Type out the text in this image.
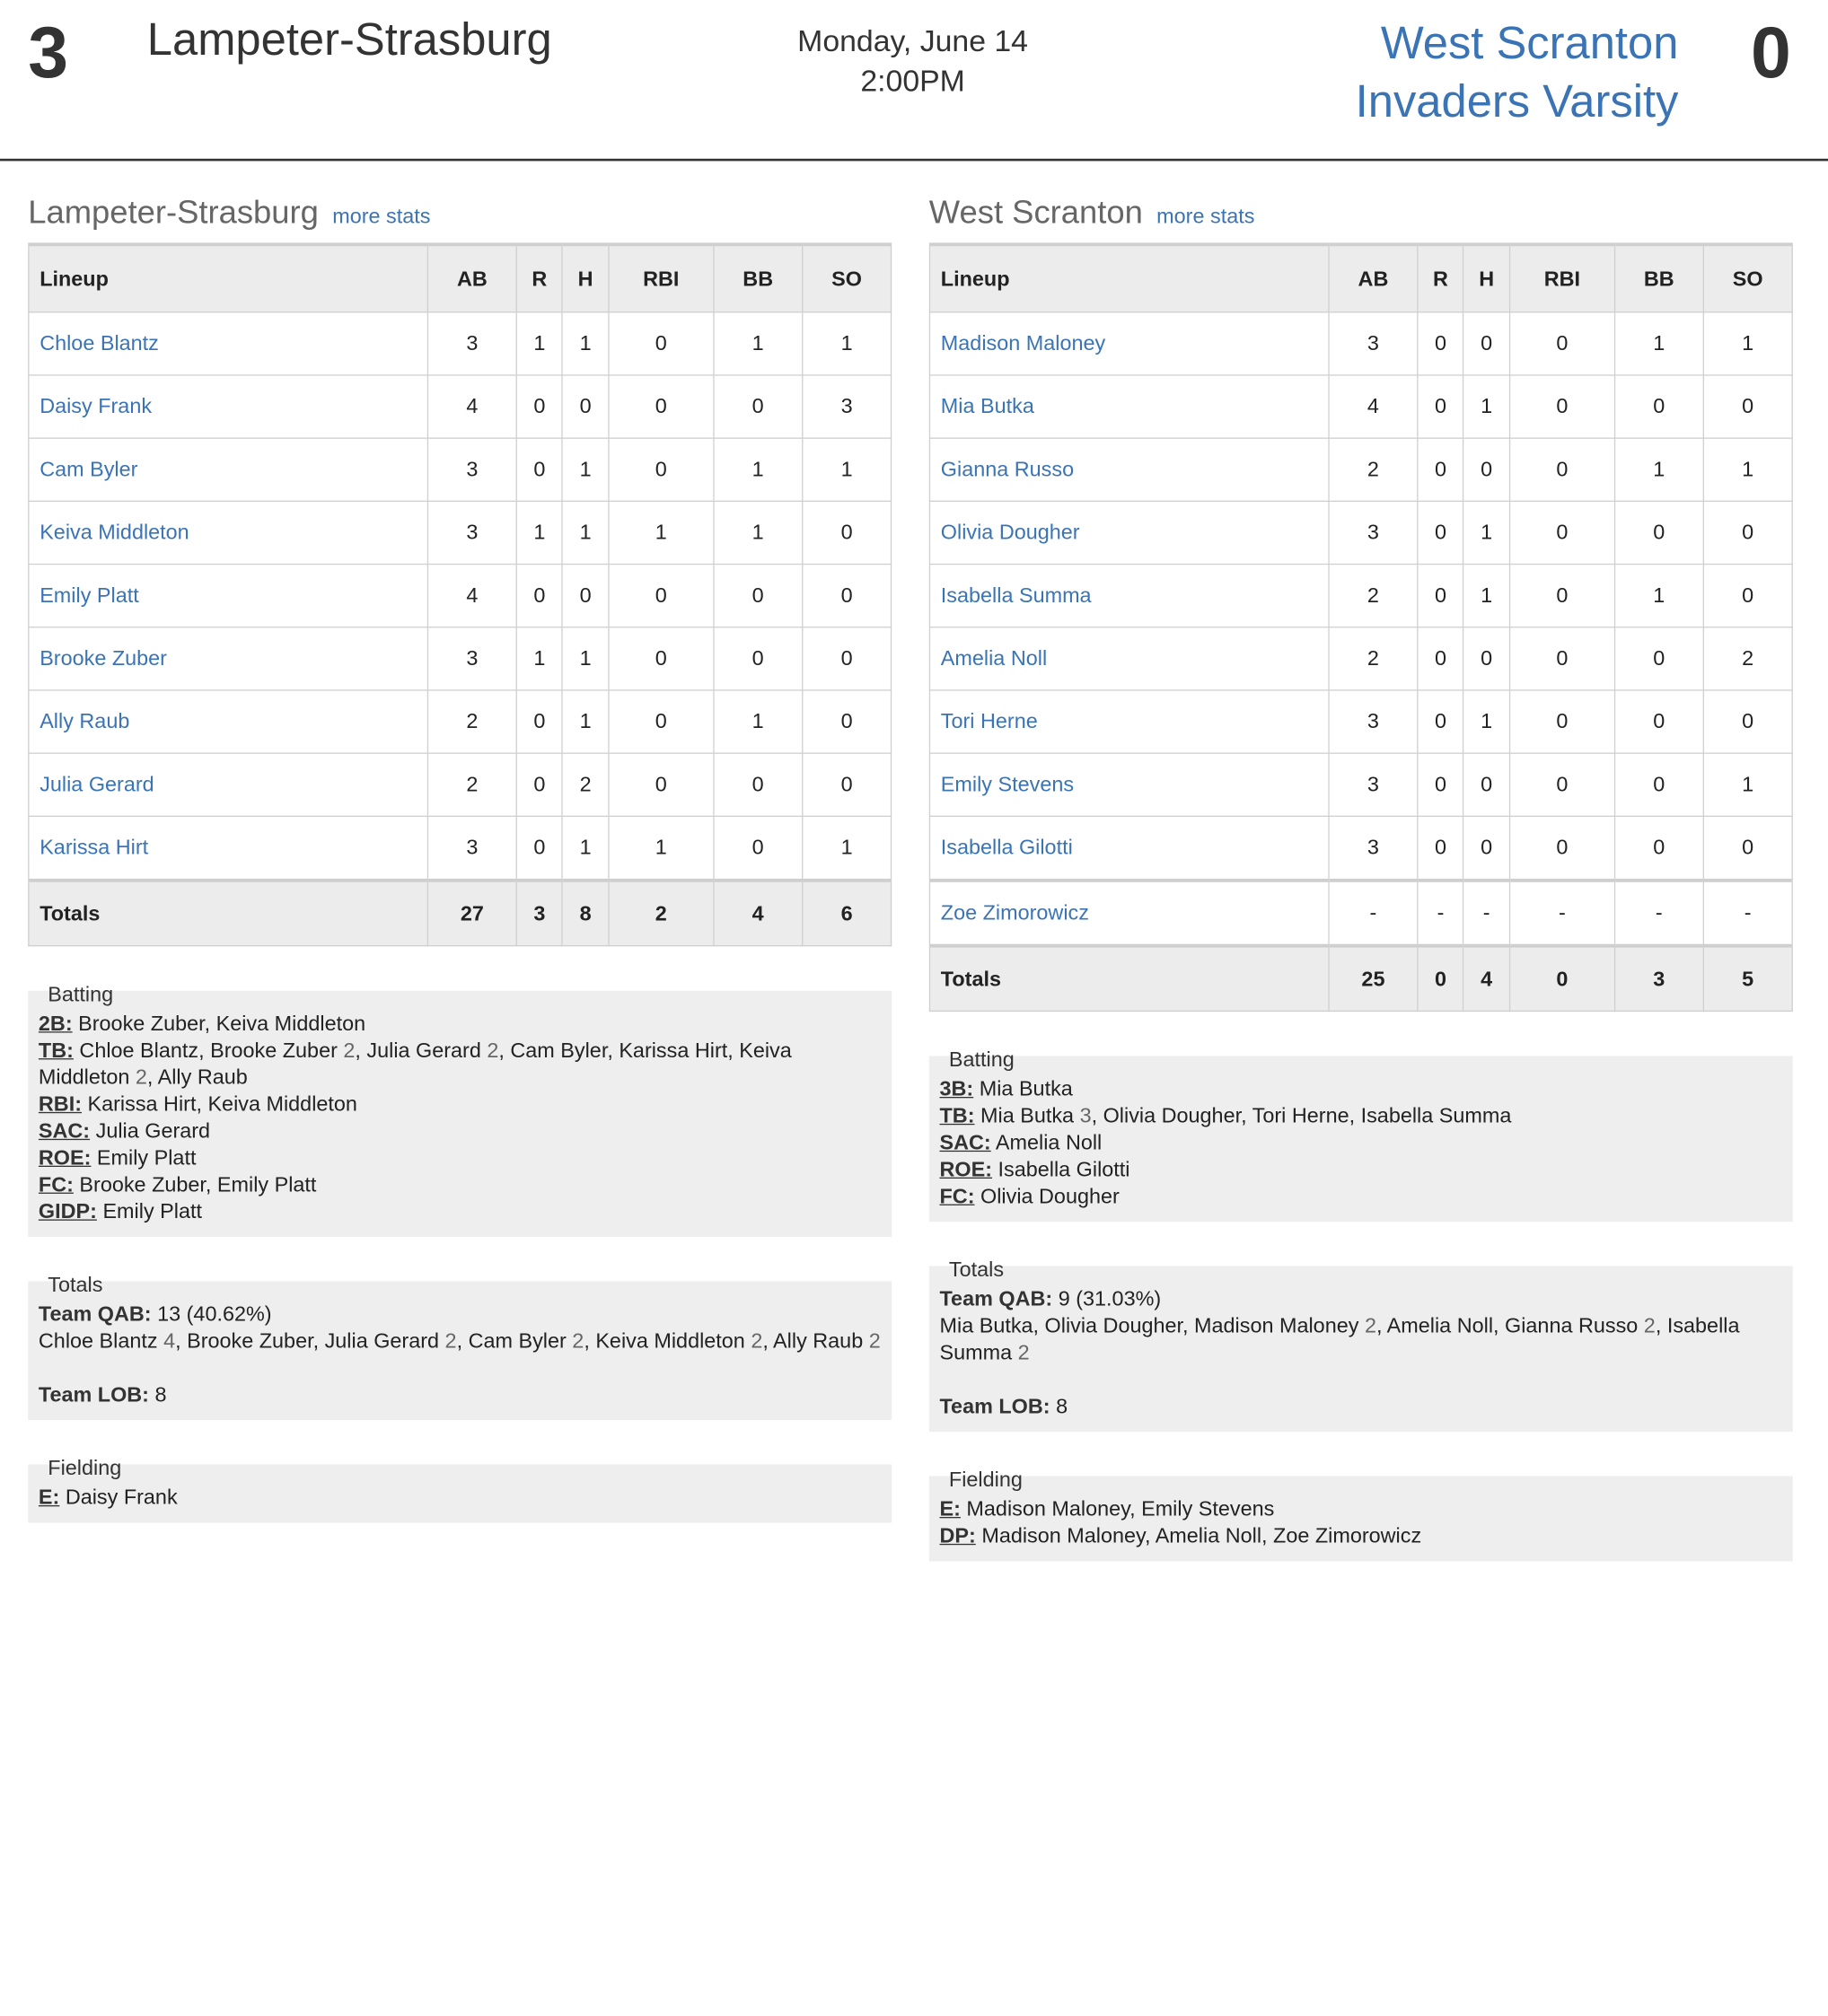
3 Lampeter-Strasburg	Monday, June 14
2:00PM
West Scranton
Invaders Varsity
0
Lampeter-Strasburg more stats
Lineup	AB	R	H	RBI	BB	SO
Chloe Blantz	3	1	1	0	1	1
Daisy Frank	4	0	0	0	0	3
Cam Byler	3	0	1	0	1	1
Keiva Middleton	3	1	1	1	1	0
Emily Platt	4	0	0	0	0	0
Brooke Zuber	3	1	1	0	0	0
Ally Raub	2	0	1	0	1	0
Julia Gerard	2	0	2	0	0	0
Karissa Hirt	3	0	1	1	0	1
Totals	27	3	8	2	4	6
Batting
2B: Brooke Zuber, Keiva Middleton
TB: Chloe Blantz, Brooke Zuber 2, Julia Gerard 2, Cam Byler, Karissa Hirt, Keiva Middleton 2, Ally Raub
RBI: Karissa Hirt, Keiva Middleton
SAC: Julia Gerard
ROE: Emily Platt
FC: Brooke Zuber, Emily Platt
GIDP: Emily Platt
Totals
Team QAB: 13 (40.62%)
Chloe Blantz 4, Brooke Zuber, Julia Gerard 2, Cam Byler 2, Keiva Middleton 2, Ally Raub 2
Team LOB: 8
Fielding
E: Daisy Frank
West Scranton more stats
Lineup	AB	R	H	RBI	BB	SO
Madison Maloney	3	0	0	0	1	1
Mia Butka	4	0	1	0	0	0
Gianna Russo	2	0	0	0	1	1
Olivia Dougher	3	0	1	0	0	0
Isabella Summa	2	0	1	0	1	0
Amelia Noll	2	0	0	0	0	2
Tori Herne	3	0	1	0	0	0
Emily Stevens	3	0	0	0	0	1
Isabella Gilotti	3	0	0	0	0	0
Zoe Zimorowicz	-	-	-	-	-	-
Totals	25	0	4	0	3	5
Batting
3B: Mia Butka
TB: Mia Butka 3, Olivia Dougher, Tori Herne, Isabella Summa
SAC: Amelia Noll
ROE: Isabella Gilotti
FC: Olivia Dougher
Totals
Team QAB: 9 (31.03%)
Mia Butka, Olivia Dougher, Madison Maloney 2, Amelia Noll, Gianna Russo 2, Isabella Summa 2
Team LOB: 8
Fielding
E: Madison Maloney, Emily Stevens
DP: Madison Maloney, Amelia Noll, Zoe Zimorowicz
